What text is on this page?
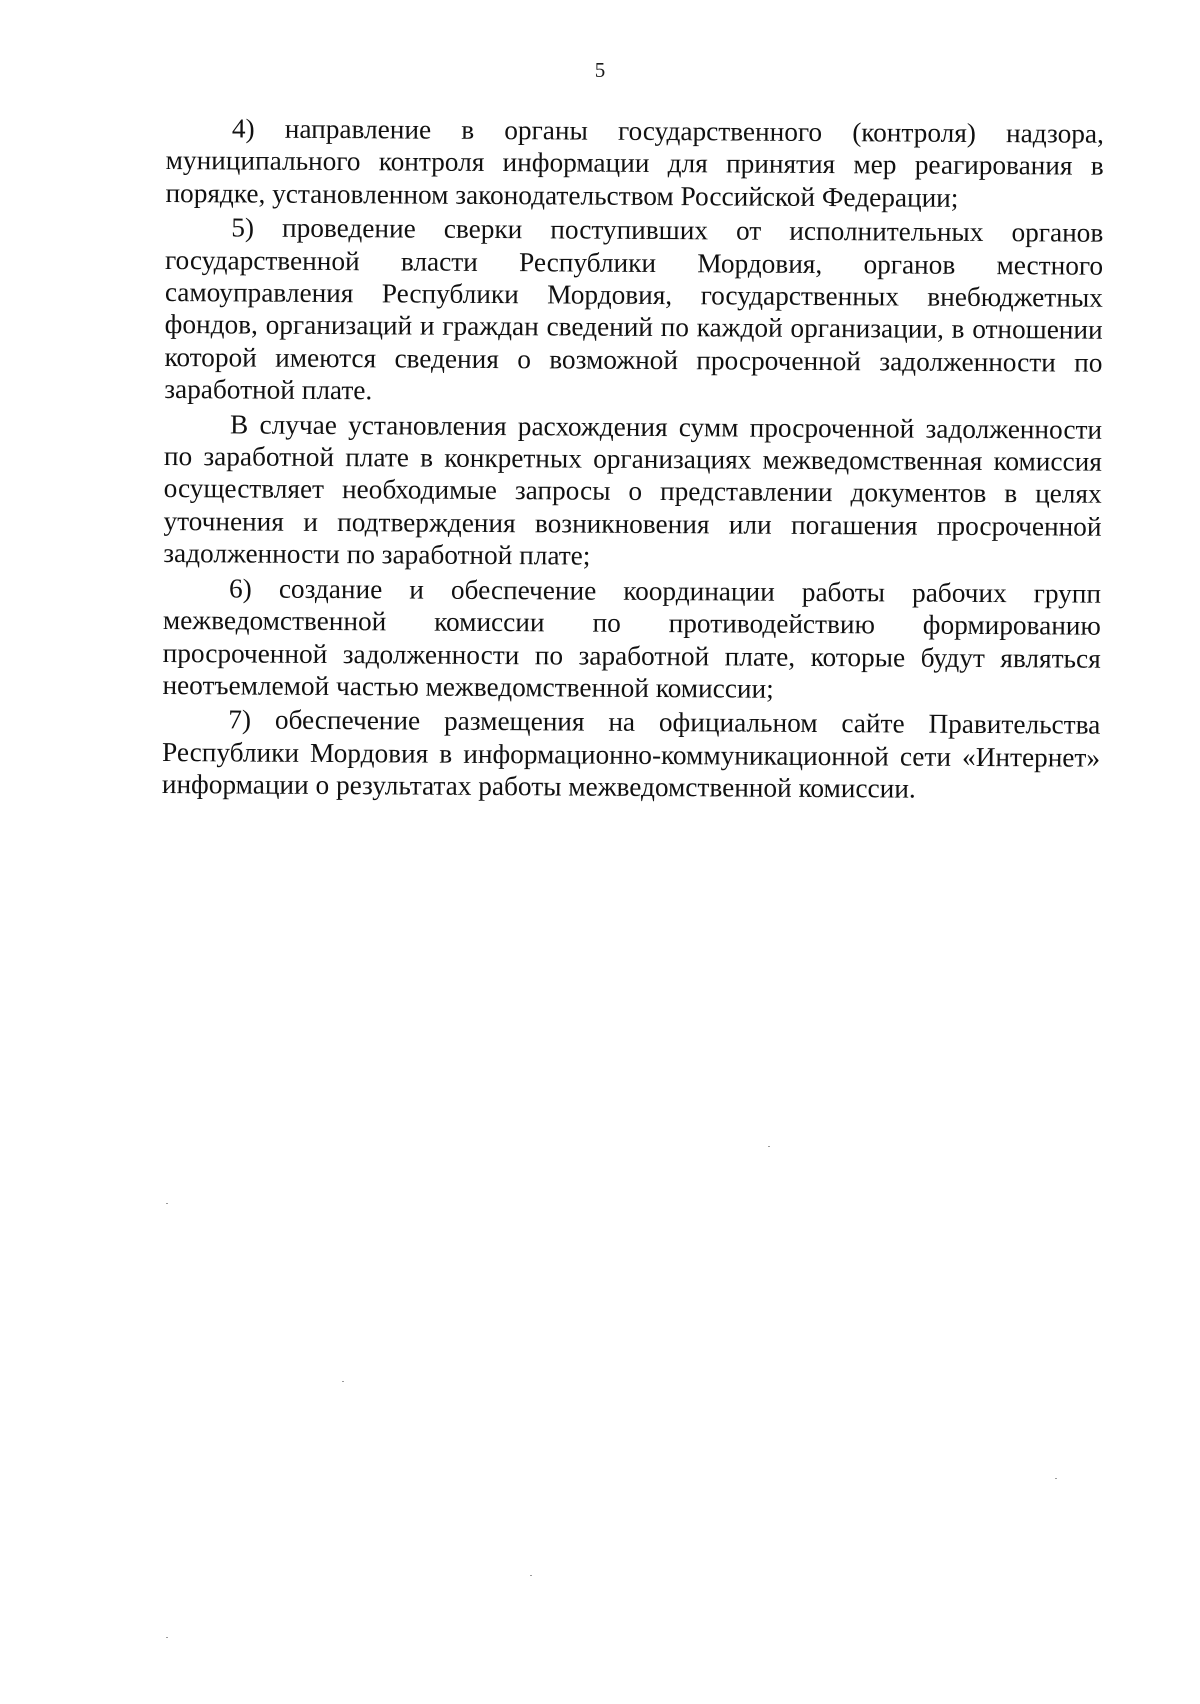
5

4) направление в органы государственного (контроля) надзора, муниципального контроля информации для принятия мер реагирования в порядке, установленном законодательством Российской Федерации;

5) проведение сверки поступивших от исполнительных органов государственной власти Республики Мордовия, органов местного самоуправления Республики Мордовия, государственных внебюджетных фондов, организаций и граждан сведений по каждой организации, в отношении которой имеются сведения о возможной просроченной задолженности по заработной плате.

В случае установления расхождения сумм просроченной задолженности по заработной плате в конкретных организациях межведомственная комиссия осуществляет необходимые запросы о представлении документов в целях уточнения и подтверждения возникновения или погашения просроченной задолженности по заработной плате;

6) создание и обеспечение координации работы рабочих групп межведомственной комиссии по противодействию формированию просроченной задолженности по заработной плате, которые будут являться неотъемлемой частью межведомственной комиссии;

7) обеспечение размещения на официальном сайте Правительства Республики Мордовия в информационно-коммуникационной сети «Интернет» информации о результатах работы межведомственной комиссии.
